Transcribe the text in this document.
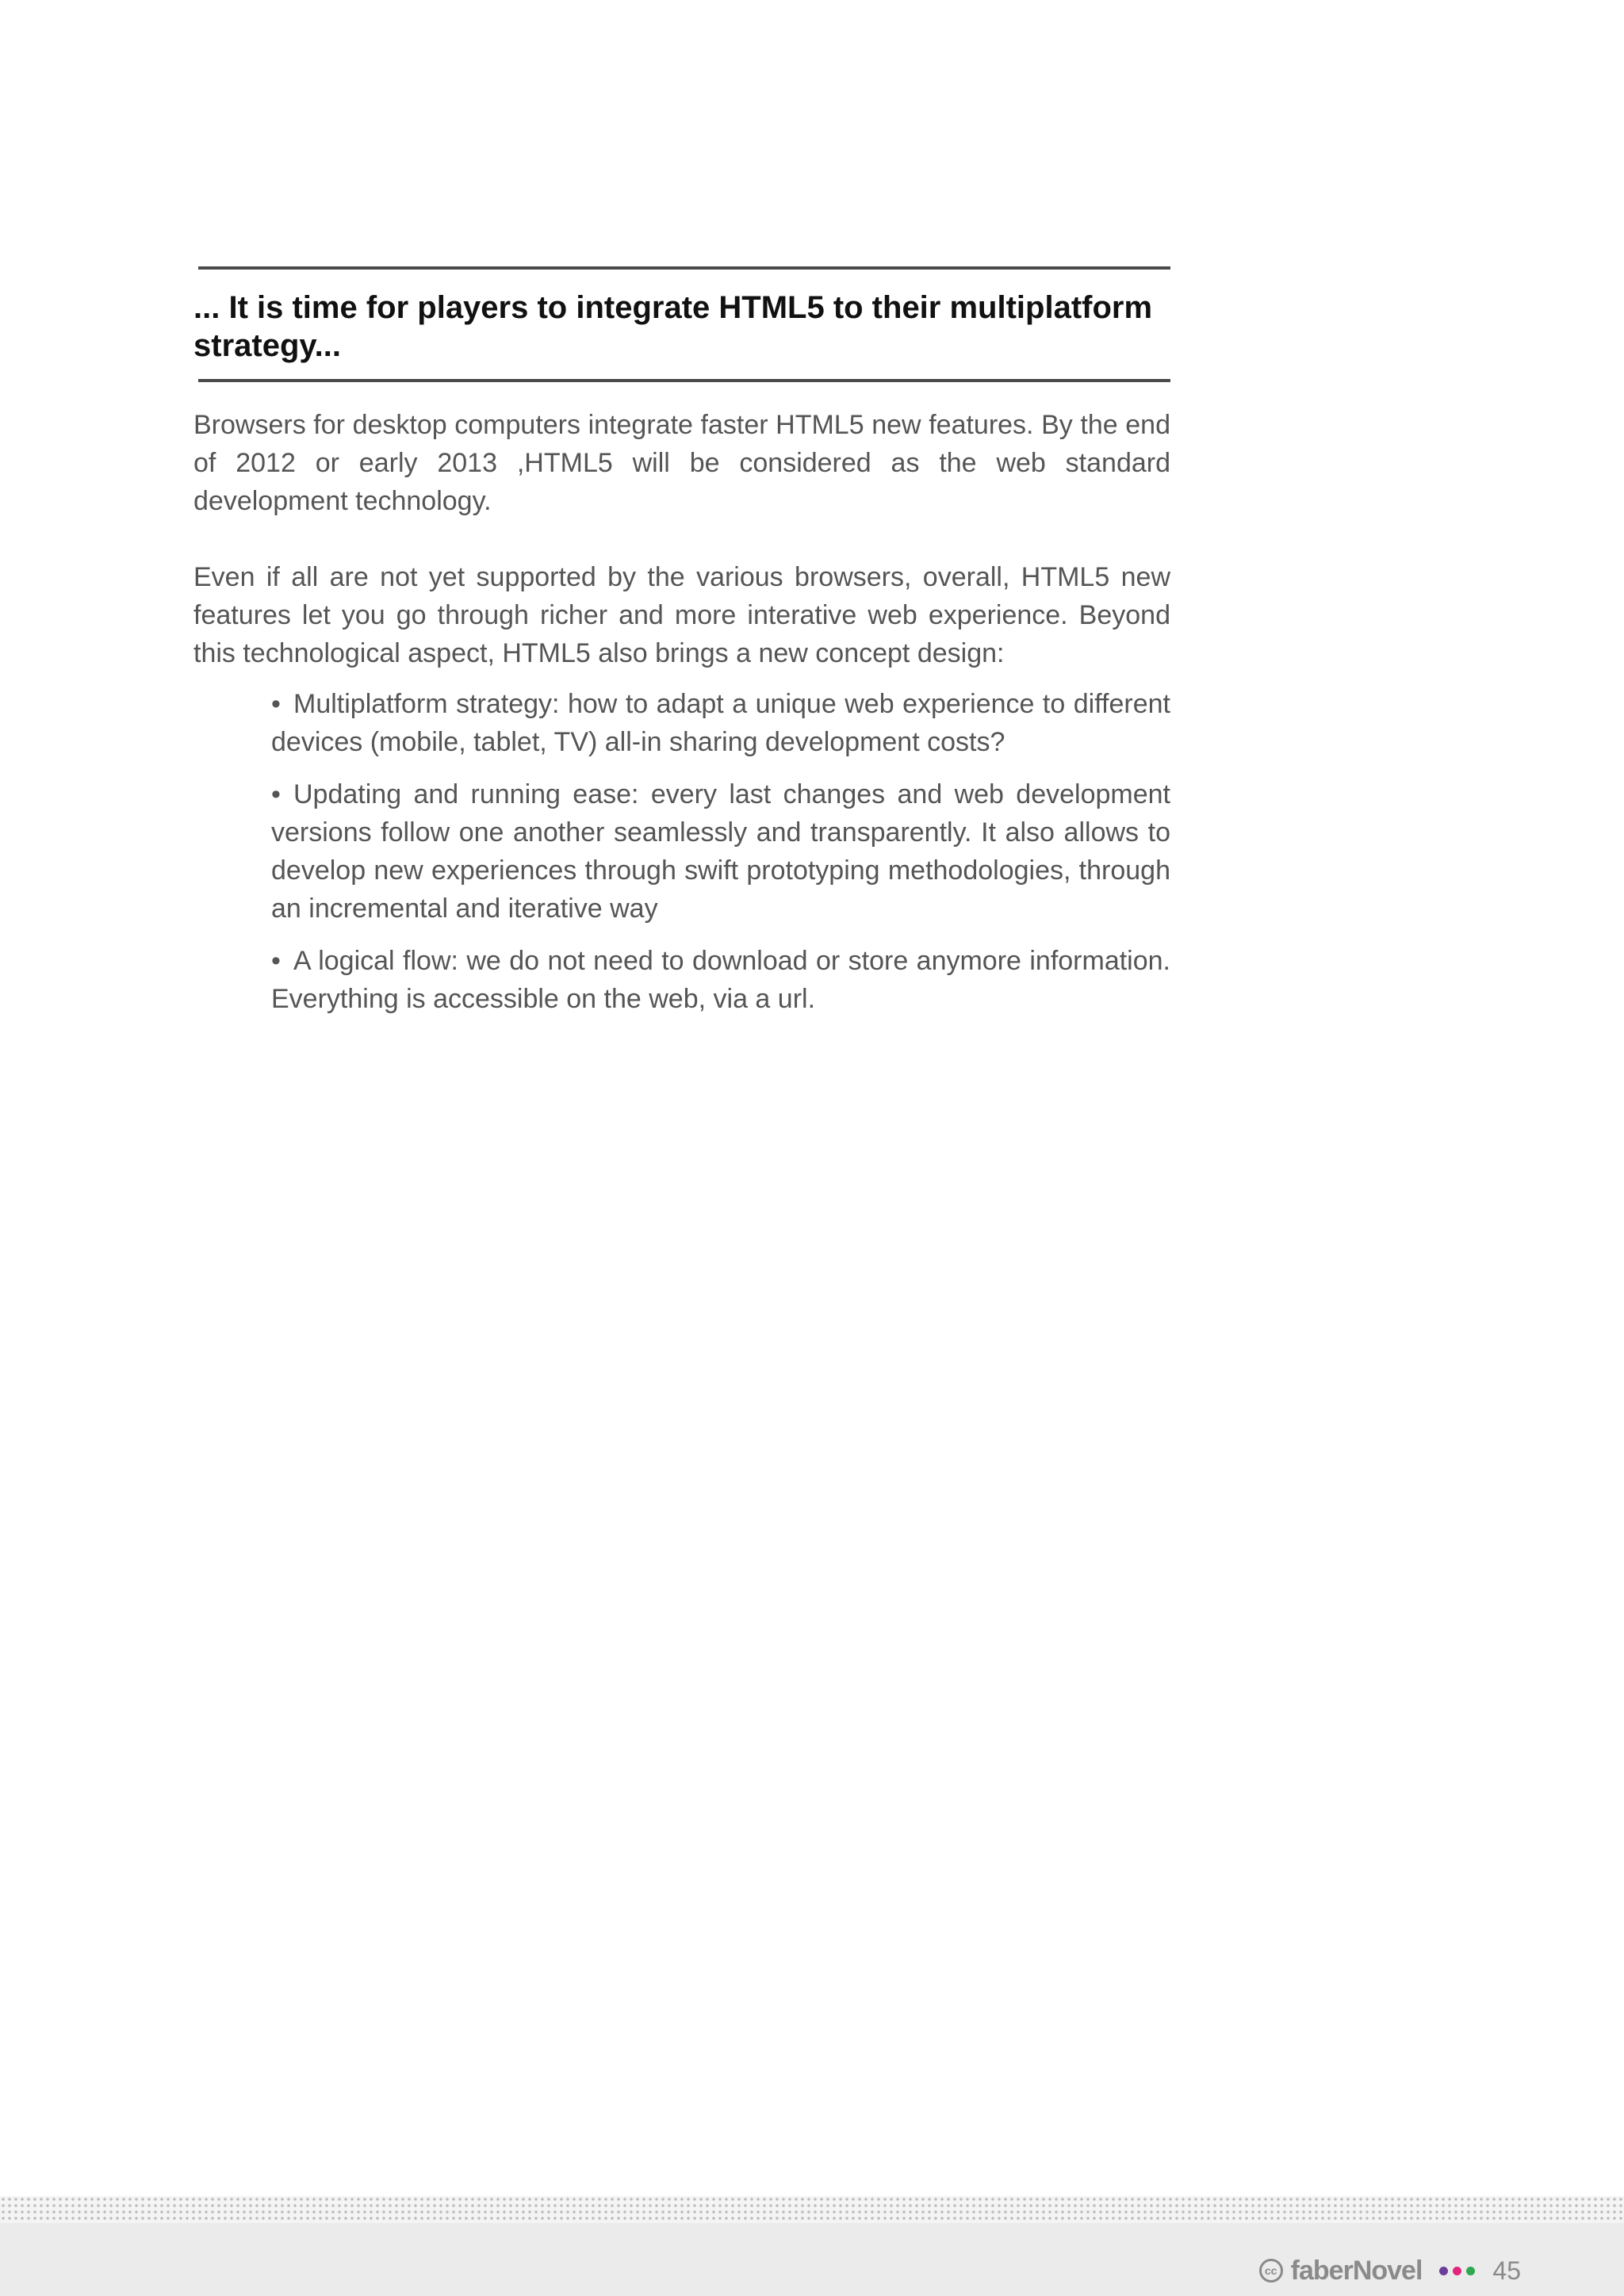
... It is time for players to integrate HTML5 to their multiplatform strategy...

Browsers for desktop computers integrate faster HTML5 new features. By the end of 2012 or early 2013 ,HTML5 will be considered as the web standard development technology.

Even if all are not yet supported by the various browsers, overall, HTML5 new features let you go through richer and more interative web experience. Beyond this technological aspect, HTML5 also brings a new concept design:

• Multiplatform strategy: how to adapt a unique web experience to different devices (mobile, tablet, TV) all-in sharing development costs?
• Updating and running ease: every last changes and web development versions follow one another seamlessly and transparently. It also allows to develop new experiences through swift prototyping methodologies, through an incremental and iterative way
• A logical flow: we do not need to download or store anymore information. Everything is accessible on the web, via a url.
cc faberNovel	45
